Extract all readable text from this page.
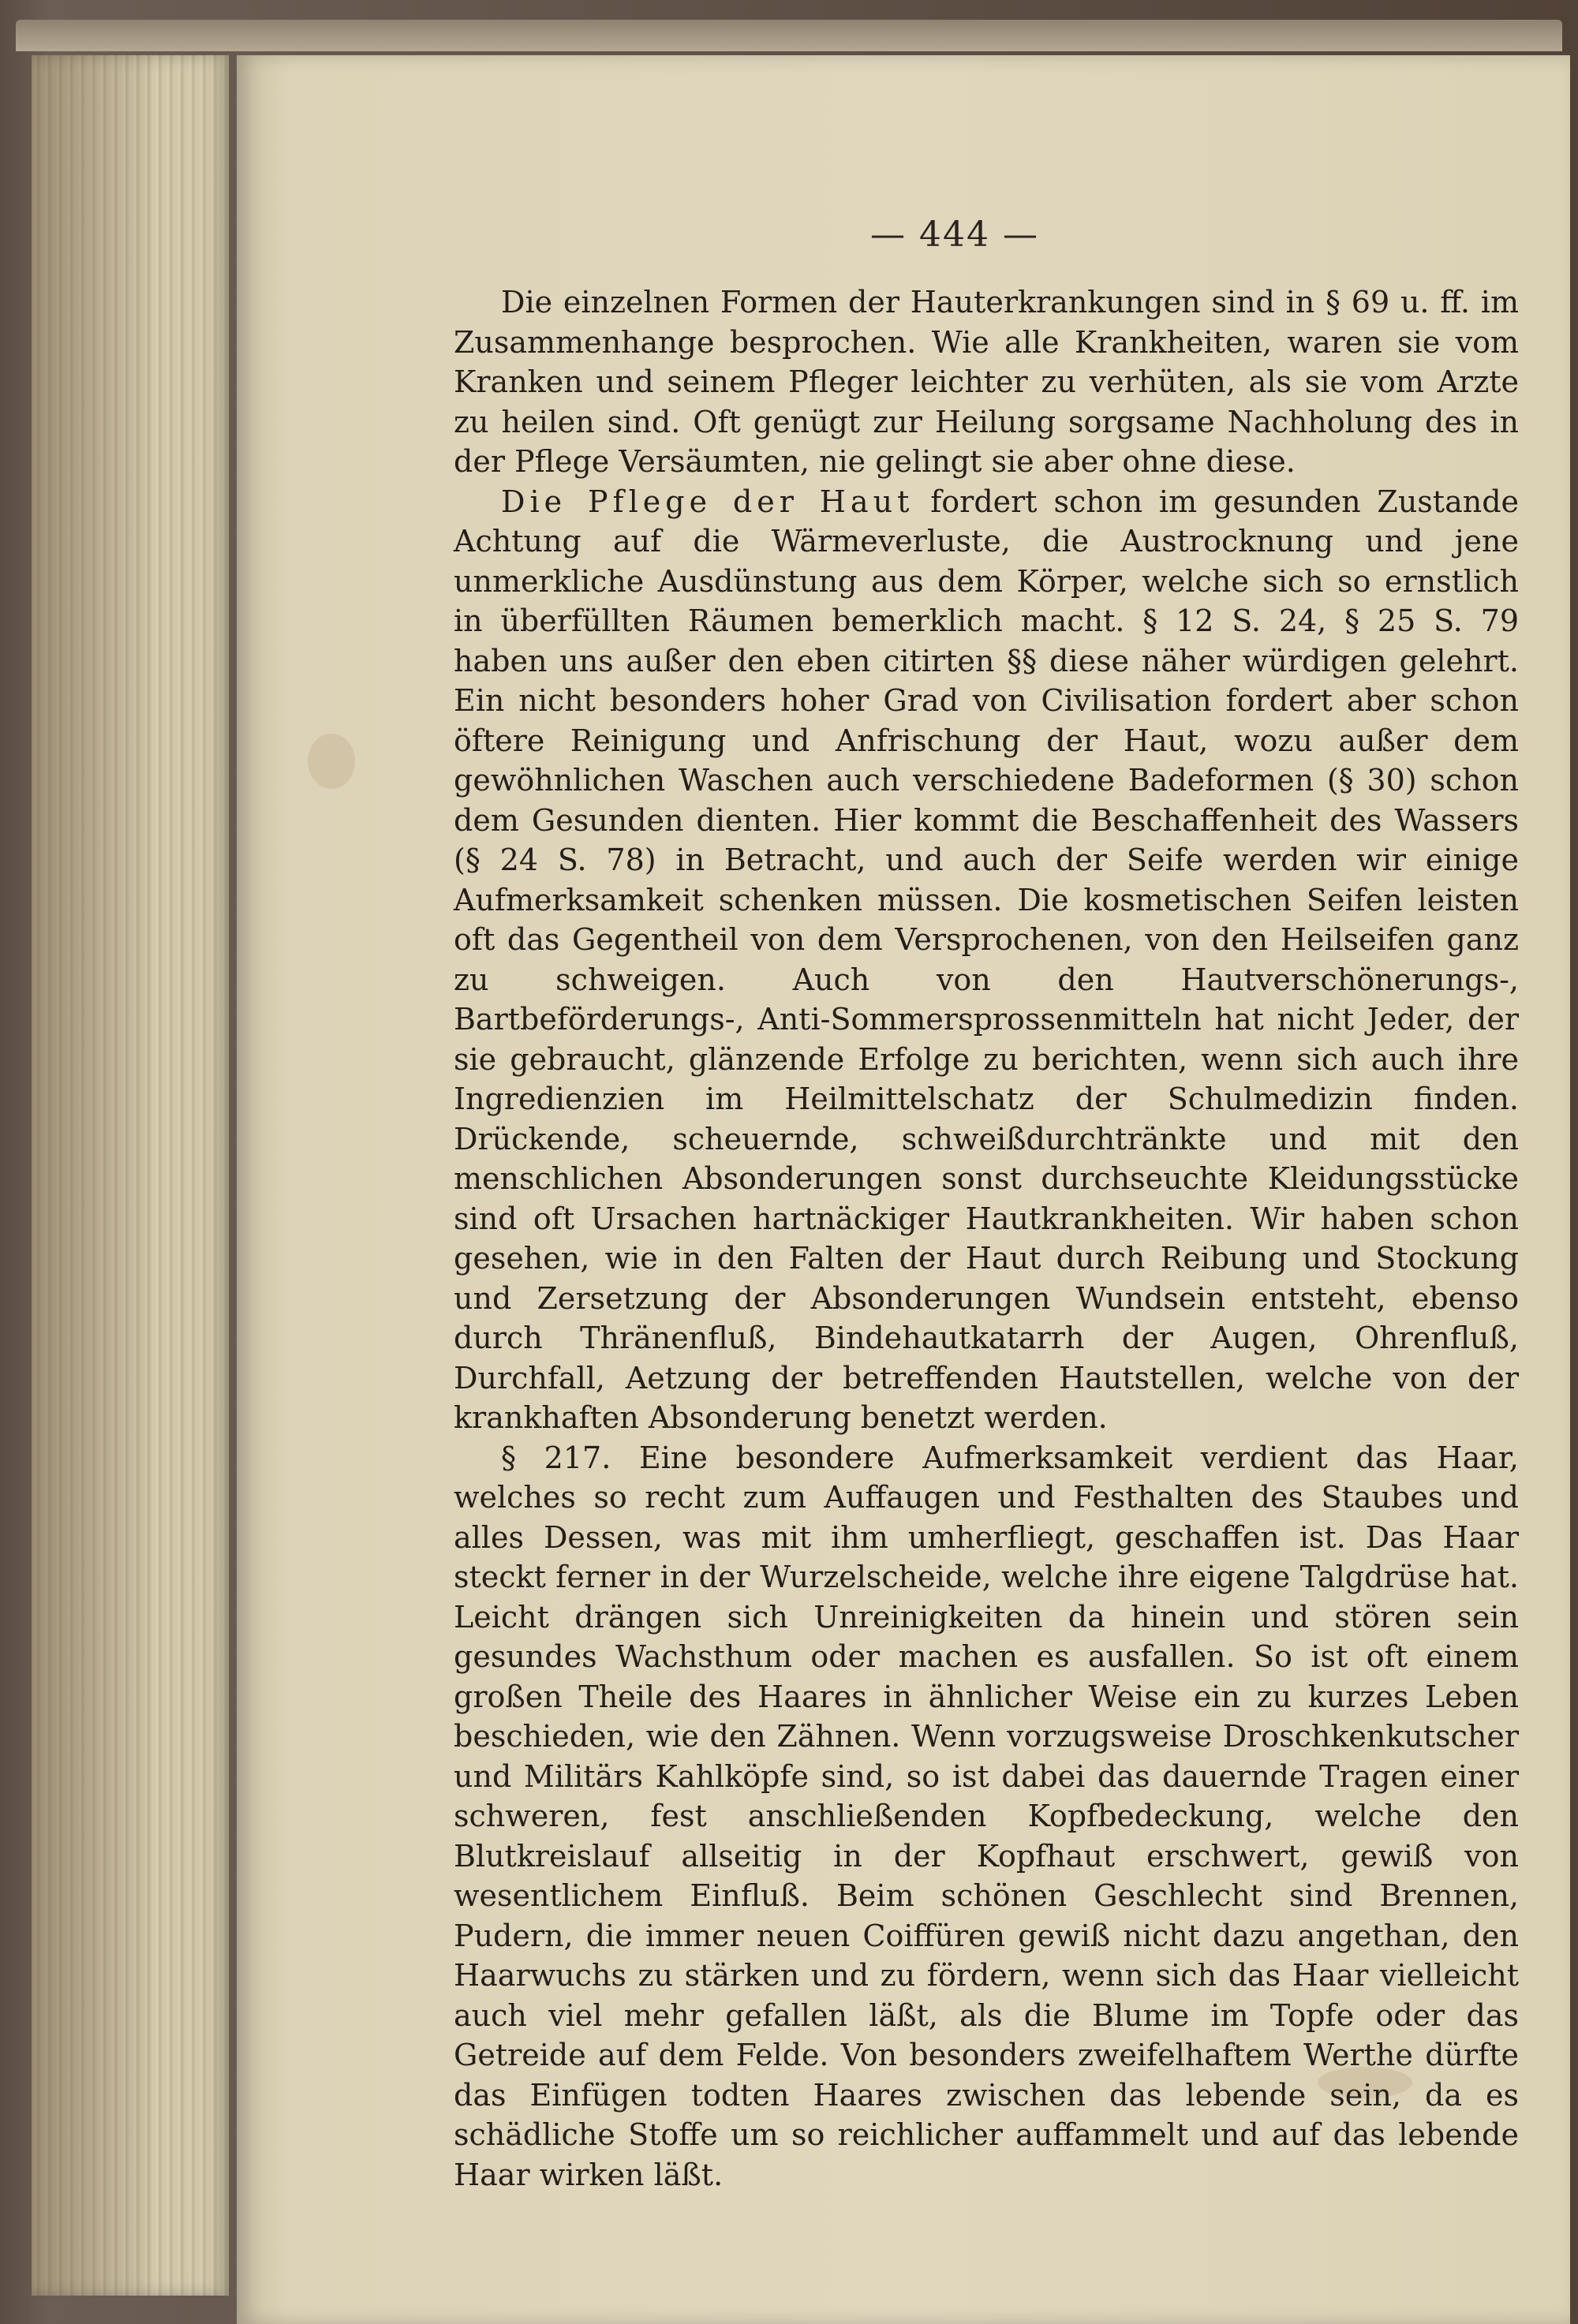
— 444 —

Die einzelnen Formen der Hauterkrankungen sind in § 69 u. ff. im Zusammenhange besprochen. Wie alle Krankheiten, waren sie vom Kranken und seinem Pfleger leichter zu verhüten, als sie vom Arzte zu heilen sind. Oft genügt zur Heilung sorgsame Nachholung des in der Pflege Versäumten, nie gelingt sie aber ohne diese.

Die Pflege der Haut fordert schon im gesunden Zustande Achtung auf die Wärmeverluste, die Austrocknung und jene unmerkliche Ausdünstung aus dem Körper, welche sich so ernstlich in überfüllten Räumen bemerklich macht. § 12 S. 24, § 25 S. 79 haben uns außer den eben citirten §§ diese näher würdigen gelehrt. Ein nicht besonders hoher Grad von Civilisation fordert aber schon öftere Reinigung und Anfrischung der Haut, wozu außer dem gewöhnlichen Waschen auch verschiedene Badeformen (§ 30) schon dem Gesunden dienten. Hier kommt die Beschaffenheit des Wassers (§ 24 S. 78) in Betracht, und auch der Seife werden wir einige Aufmerksamkeit schenken müssen. Die kosmetischen Seifen leisten oft das Gegentheil von dem Versprochenen, von den Heilseifen ganz zu schweigen. Auch von den Hautverschönerungs-, Bartbeförderungs-, Anti-Sommersprossenmitteln hat nicht Jeder, der sie gebraucht, glänzende Erfolge zu berichten, wenn sich auch ihre Ingredienzien im Heilmittelschatz der Schulmedizin finden. Drückende, scheuernde, schweißdurchtränkte und mit den menschlichen Absonderungen sonst durchseuchte Kleidungsstücke sind oft Ursachen hartnäckiger Hautkrankheiten. Wir haben schon gesehen, wie in den Falten der Haut durch Reibung und Stockung und Zersetzung der Absonderungen Wundsein entsteht, ebenso durch Thränenfluß, Bindehautkatarrh der Augen, Ohrenfluß, Durchfall, Aetzung der betreffenden Hautstellen, welche von der krankhaften Absonderung benetzt werden.

§ 217. Eine besondere Aufmerksamkeit verdient das Haar, welches so recht zum Auffaugen und Festhalten des Staubes und alles Dessen, was mit ihm umherfliegt, geschaffen ist. Das Haar steckt ferner in der Wurzelscheide, welche ihre eigene Talgdrüse hat. Leicht drängen sich Unreinigkeiten da hinein und stören sein gesundes Wachsthum oder machen es ausfallen. So ist oft einem großen Theile des Haares in ähnlicher Weise ein zu kurzes Leben beschieden, wie den Zähnen. Wenn vorzugsweise Droschkenkutscher und Militärs Kahlköpfe sind, so ist dabei das dauernde Tragen einer schweren, fest anschließenden Kopfbedeckung, welche den Blutkreislauf allseitig in der Kopfhaut erschwert, gewiß von wesentlichem Einfluß. Beim schönen Geschlecht sind Brennen, Pudern, die immer neuen Coiffüren gewiß nicht dazu angethan, den Haarwuchs zu stärken und zu fördern, wenn sich das Haar vielleicht auch viel mehr gefallen läßt, als die Blume im Topfe oder das Getreide auf dem Felde. Von besonders zweifelhaftem Werthe dürfte das Einfügen todten Haares zwischen das lebende sein, da es schädliche Stoffe um so reichlicher auffammelt und auf das lebende Haar wirken läßt.
